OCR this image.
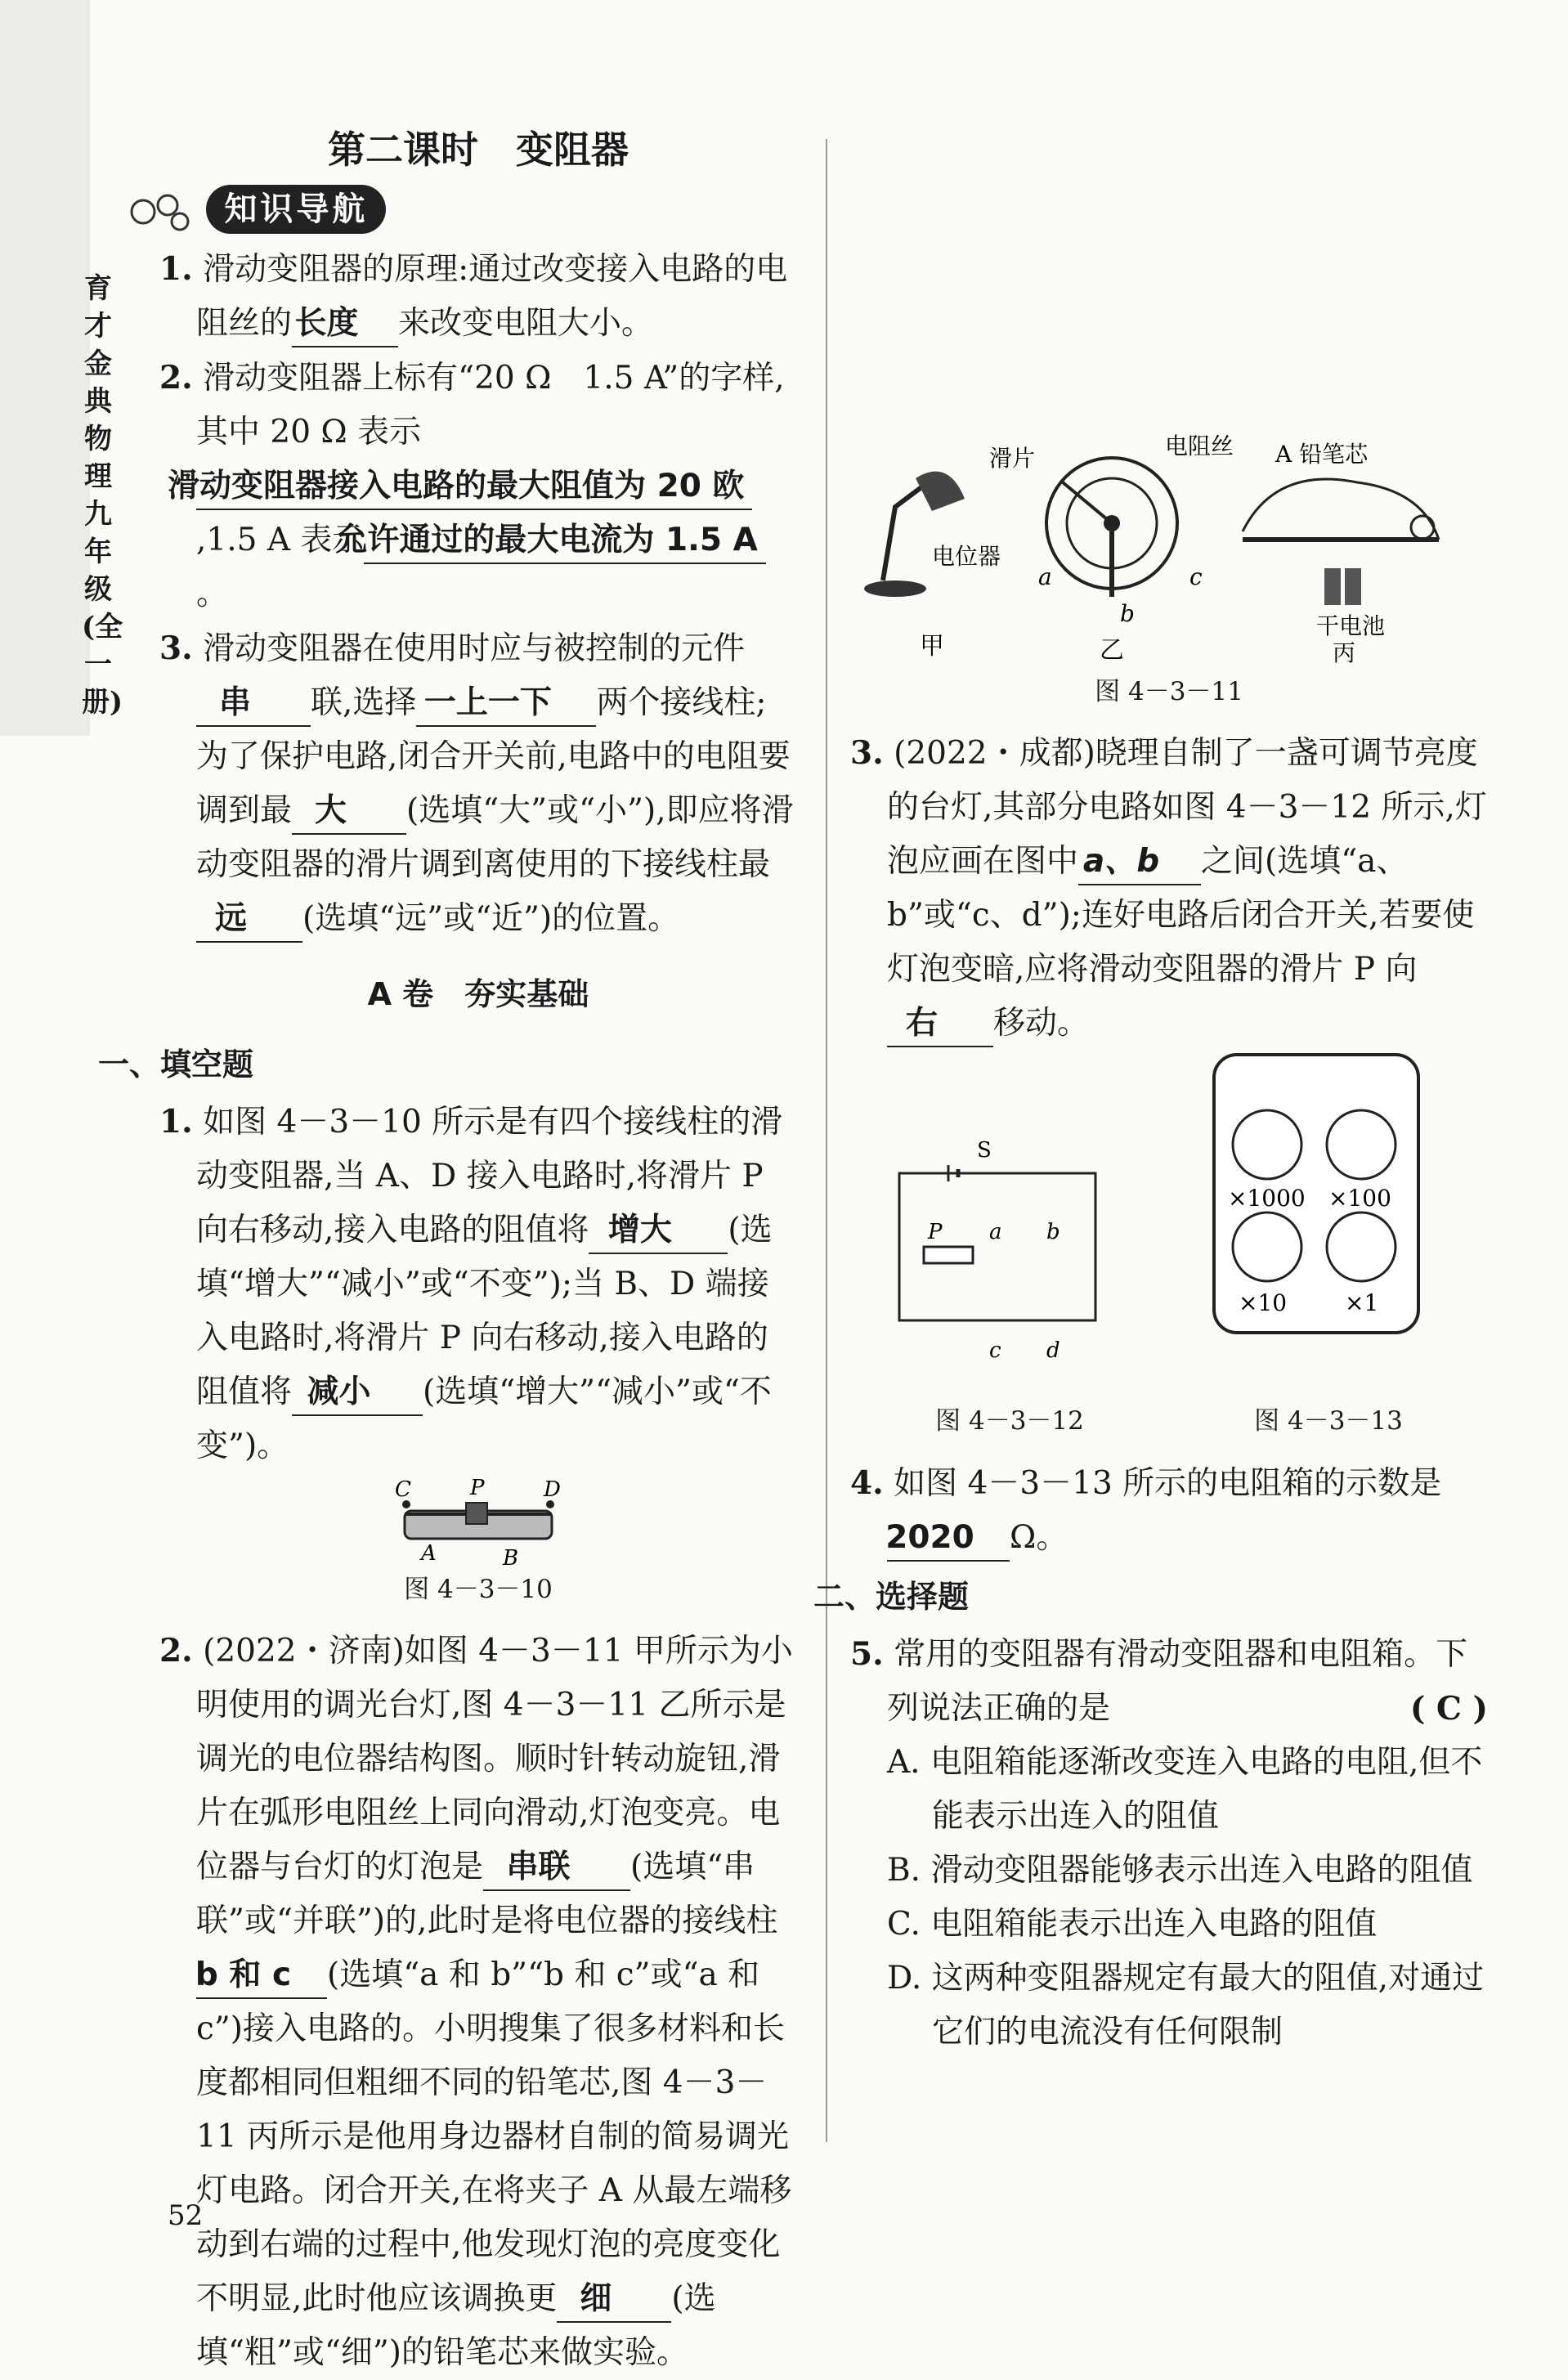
育才金典 物理 九年级(全一册)
第二课时　变阻器
知识导航

1. 滑动变阻器的原理:通过改变接入电路的电阻丝的长度 来改变电阻大小。

2. 滑动变阻器上标有“20 Ω　1.5 A”的字样,其中 20 Ω 表示滑动变阻器接入电路的最大阻值为 20 欧,1.5 A 表示允许通过的最大电流为 1.5 A。

3. 滑动变阻器在使用时应与被控制的元件串 联,选择 一上一下 两个接线柱;为了保护电路,闭合开关前,电路中的电阻要调到最 大 (选填“大”或“小”),即应将滑动变阻器的滑片调到离使用的下接线柱最远 (选填“远”或“近”)的位置。

A 卷　夯实基础
一、填空题

1. 如图 4－3－10 所示是有四个接线柱的滑动变阻器,当 A、D 接入电路时,将滑片 P 向右移动,接入电路的阻值将 增大 (选填“增大”“减小”或“不变”);当 B、D 端接入电路时,将滑片 P 向右移动,接入电路的阻值将 减小 (选填“增大”“减小”或“不变”)。

C	P	D
A	B
图 4－3－10

2. (2022・济南)如图 4－3－11 甲所示为小明使用的调光台灯,图 4－3－11 乙所示是调光的电位器结构图。顺时针转动旋钮,滑片在弧形电阻丝上同向滑动,灯泡变亮。电位器与台灯的灯泡是 串联 (选填“串联”或“并联”)的,此时是将电位器的接线柱b 和 c (选填“a 和 b”“b 和 c”或“a 和 c”)接入电路的。小明搜集了很多材料和长度都相同但粗细不同的铅笔芯,图 4－3－11 丙所示是他用身边器材自制的简易调光灯电路。闭合开关,在将夹子 A 从最左端移动到右端的过程中,他发现灯泡的亮度变化不明显,此时他应该调换更 细 (选填“粗”或“细”)的铅笔芯来做实验。

电位器
甲
滑片	电阻丝
a
b
c
乙
A 铅笔芯
干电池
丙
图 4－3－11

3. (2022・成都)晓理自制了一盏可调节亮度的台灯,其部分电路如图 4－3－12 所示,灯泡应画在图中 a、b 之间(选填“a、b”或“c、d”);连好电路后闭合开关,若要使灯泡变暗,应将滑动变阻器的滑片 P 向右 移动。

S
P a b
c d
×1000 ×100
×10	×1
图 4－3－12	图 4－3－13

4. 如图 4－3－13 所示的电阻箱的示数是2020 Ω。

二、选择题

5. 常用的变阻器有滑动变阻器和电阻箱。下列说法正确的是	( C )

A. 电阻箱能逐渐改变连入电路的电阻,但不能表示出连入的阻值

B. 滑动变阻器能够表示出连入电路的阻值

C. 电阻箱能表示出连入电路的阻值

D. 这两种变阻器规定有最大的阻值,对通过它们的电流没有任何限制

52
